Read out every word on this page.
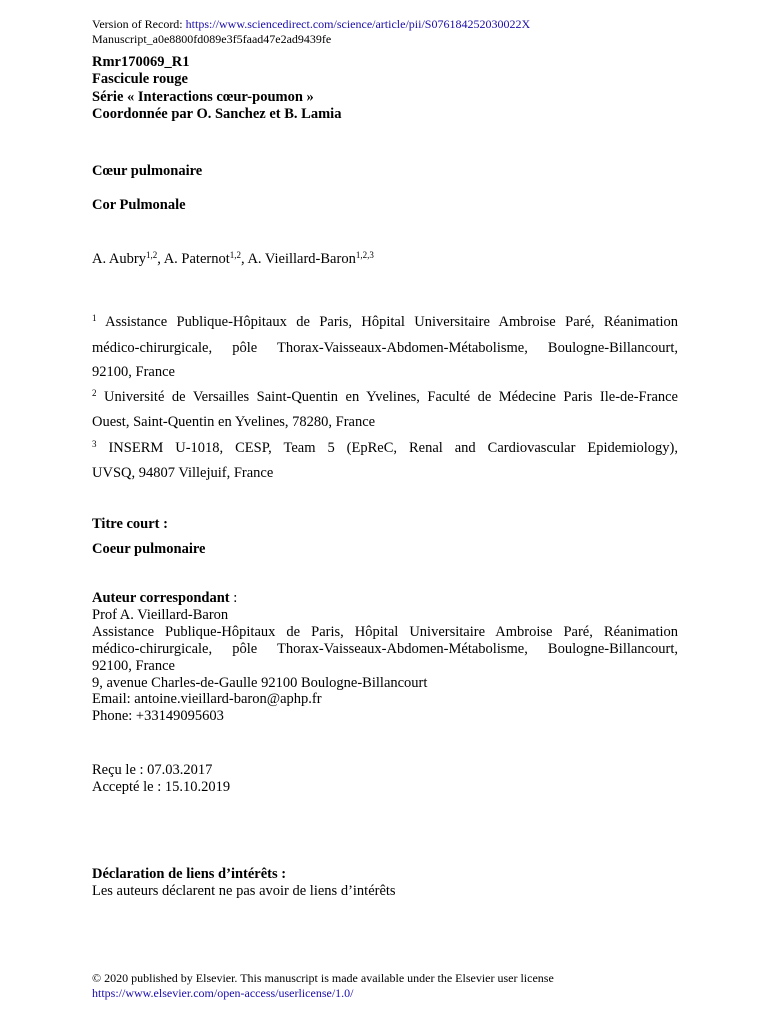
Version of Record: https://www.sciencedirect.com/science/article/pii/S076184252030022X
Manuscript_a0e8800fd089e3f5faad47e2ad9439fe
Rmr170069_R1
Fascicule rouge
Série « Interactions cœur-poumon »
Coordonnée par O. Sanchez et B. Lamia
Cœur pulmonaire
Cor Pulmonale
A. Aubry$^{1,2}$, A. Paternot$^{1,2}$, A. Vieillard-Baron$^{1,2,3}$
$^1$ Assistance Publique-Hôpitaux de Paris, Hôpital Universitaire Ambroise Paré, Réanimation
médico-chirurgicale, pôle Thorax-Vaisseaux-Abdomen-Métabolisme, Boulogne-Billancourt,
92100, France
$^2$ Université de Versailles Saint-Quentin en Yvelines, Faculté de Médecine Paris Ile-de-France
Ouest, Saint-Quentin en Yvelines, 78280, France
$^3$ INSERM U-1018, CESP, Team 5 (EpReC, Renal and Cardiovascular Epidemiology),
UVSQ, 94807 Villejuif, France
Titre court :
Coeur pulmonaire
Auteur correspondant :
Prof A. Vieillard-Baron
Assistance Publique-Hôpitaux de Paris, Hôpital Universitaire Ambroise Paré, Réanimation
médico-chirurgicale, pôle Thorax-Vaisseaux-Abdomen-Métabolisme, Boulogne-Billancourt,
92100, France
9, avenue Charles-de-Gaulle 92100 Boulogne-Billancourt
Email: antoine.vieillard-baron@aphp.fr
Phone: +33149095603
Reçu le : 07.03.2017
Accepté le : 15.10.2019
Déclaration de liens d’intérêts :
Les auteurs déclarent ne pas avoir de liens d’intérêts
© 2020 published by Elsevier. This manuscript is made available under the Elsevier user license
https://www.elsevier.com/open-access/userlicense/1.0/
